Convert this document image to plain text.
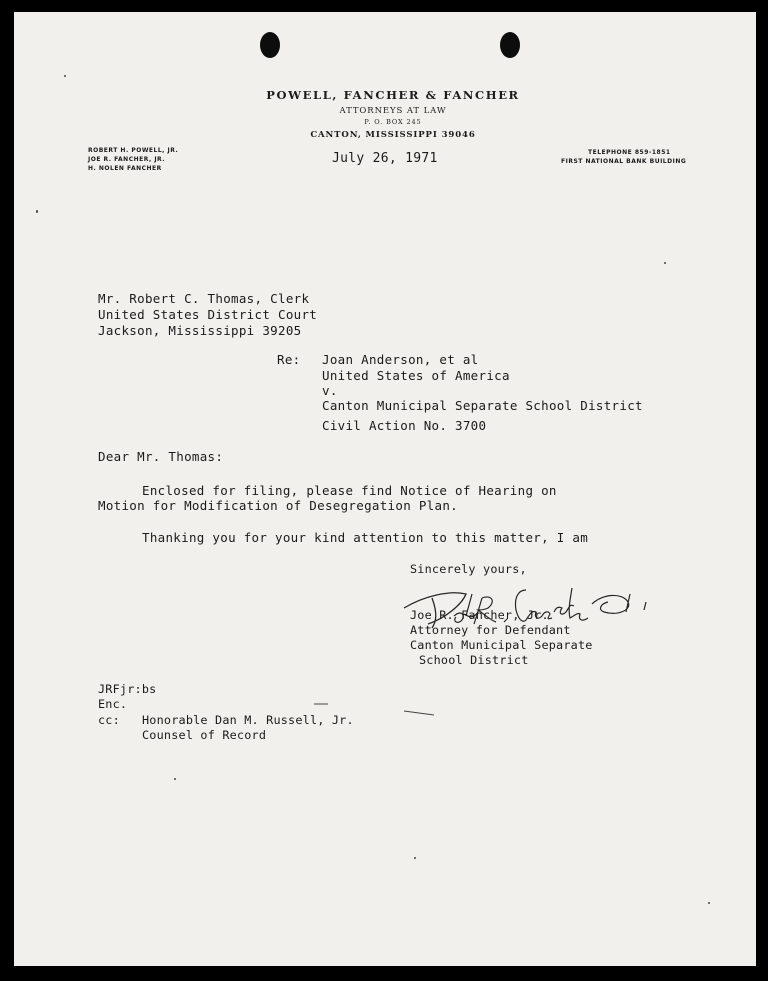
POWELL, FANCHER & FANCHER
ATTORNEYS AT LAW
P. O. BOX 245
CANTON, MISSISSIPPI 39046
ROBERT H. POWELL, JR.
JOE R. FANCHER, JR.
H. NOLEN FANCHER
TELEPHONE 859-1851
FIRST NATIONAL BANK BUILDING
July 26, 1971
Mr. Robert C. Thomas, Clerk
United States District Court
Jackson, Mississippi 39205
Re: Joan Anderson, et al
United States of America
v.
Canton Municipal Separate School District
Civil Action No. 3700
Dear Mr. Thomas:
Enclosed for filing, please find Notice of Hearing on
Motion for Modification of Desegregation Plan.
Thanking you for your kind attention to this matter, I am
Sincerely yours,
Joe R. Fancher, Jr.
Attorney for Defendant
Canton Municipal Separate
School District
JRFjr:bs
Enc.
cc: Honorable Dan M. Russell, Jr.
Counsel of Record
